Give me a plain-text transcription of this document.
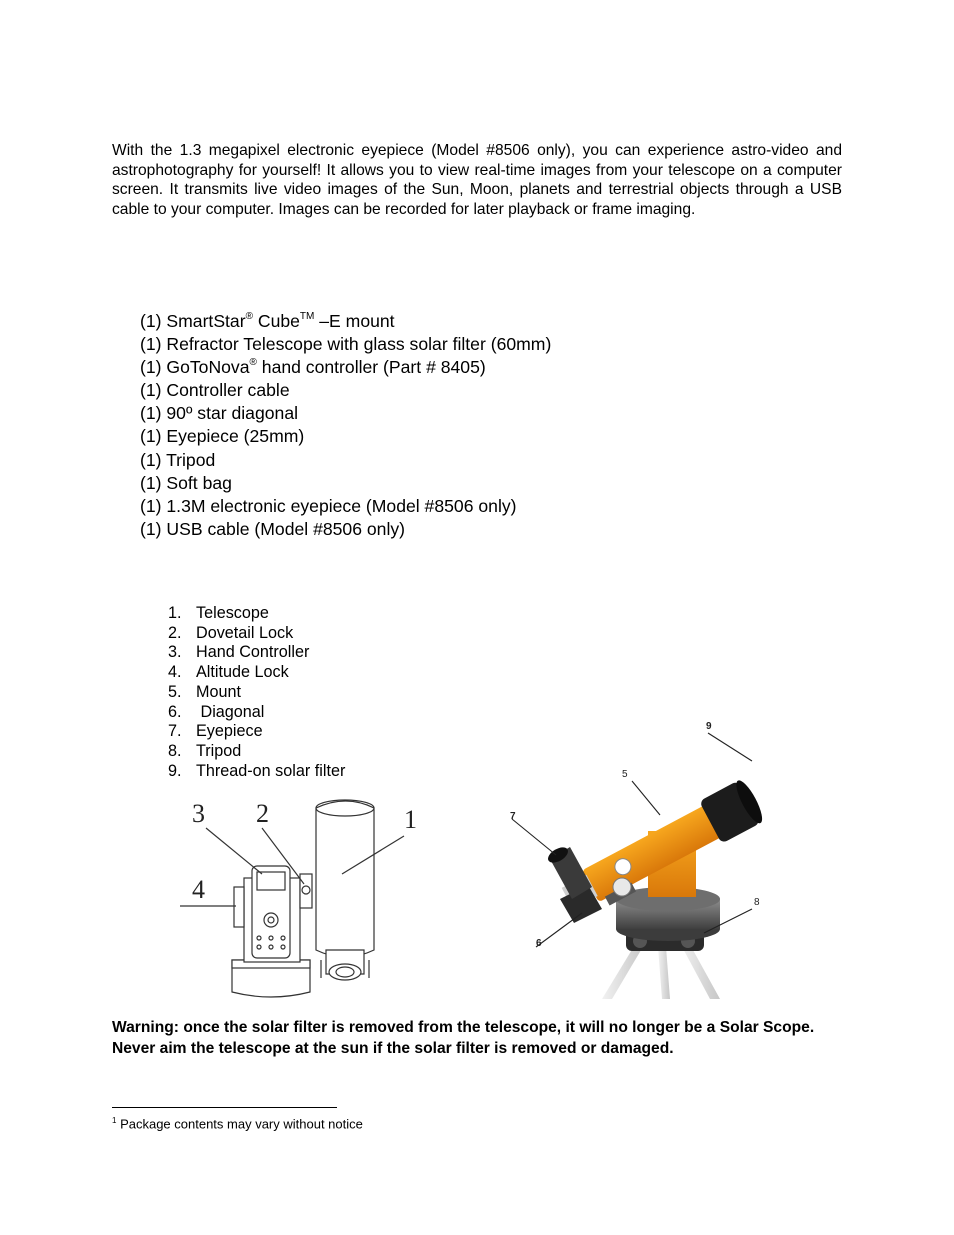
With the 1.3 megapixel electronic eyepiece (Model #8506 only), you can experience astro-video and astrophotography for yourself! It allows you to view real-time images from your telescope on a computer screen. It transmits live video images of the Sun, Moon, planets and terrestrial objects through a USB cable to your computer. Images can be recorded for later playback or frame imaging.

(1) SmartStar® Cube™ –E mount
(1) Refractor Telescope with glass solar filter (60mm)
(1) GoToNova® hand controller (Part # 8405)
(1) Controller cable
(1) 90º star diagonal
(1) Eyepiece (25mm)
(1) Tripod
(1) Soft bag
(1) 1.3M electronic eyepiece (Model #8506 only)
(1) USB cable (Model #8506 only)
1. Telescope
2. Dovetail Lock
3. Hand Controller
4. Altitude Lock
5. Mount
6. Diagonal
7. Eyepiece
8. Tripod
9. Thread-on solar filter
3 2	1
4
9
5
7
6
8

Warning: once the solar filter is removed from the telescope, it will no longer be a Solar Scope. Never aim the telescope at the sun if the solar filter is removed or damaged.

$^1$ Package contents may vary without notice
